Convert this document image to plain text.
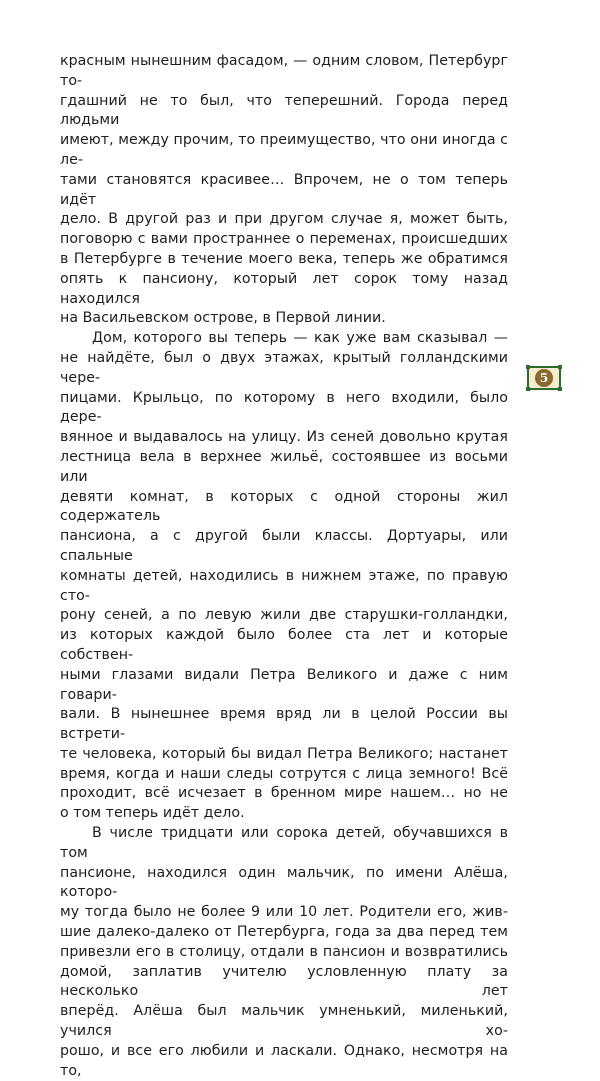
красным нынешним фасадом, — одним словом, Петербург то-

гдашний не то был, что теперешний. Города перед людьми

имеют, между прочим, то преимущество, что они иногда с ле-

тами становятся красивее… Впрочем, не о том теперь идёт

дело. В другой раз и при другом случае я, может быть,

поговорю с вами пространнее о переменах, происшедших

в Петербурге в течение моего века, теперь же обратимся

опять к пансиону, который лет сорок тому назад находился

на Васильевском острове, в Первой линии.

Дом, которого вы теперь — как уже вам сказывал —

не найдёте, был о двух этажах, крытый голландскими чере-

пицами. Крыльцо, по которому в него входили, было дере-

вянное и выдавалось на улицу. Из сеней довольно крутая

лестница вела в верхнее жильё, состоявшее из восьми или

девяти комнат, в которых с одной стороны жил содержатель

пансиона, а с другой были классы. Дортуары, или спальные

комнаты детей, находились в нижнем этаже, по правую сто-

рону сеней, а по левую жили две старушки-голландки,

из которых каждой было более ста лет и которые собствен-

ными глазами видали Петра Великого и даже с ним говари-

вали. В нынешнее время вряд ли в целой России вы встрети-

те человека, который бы видал Петра Великого; настанет

время, когда и наши следы сотрутся с лица земного! Всё

проходит, всё исчезает в бренном мире нашем… но не

о том теперь идёт дело.

В числе тридцати или сорока детей, обучавшихся в том

пансионе, находился один мальчик, по имени Алёша, которо-

му тогда было не более 9 или 10 лет. Родители его, жив-

шие далеко-далеко от Петербурга, года за два перед тем

привезли его в столицу, отдали в пансион и возвратились

домой, заплатив учителю условленную плату за несколько лет

вперёд. Алёша был мальчик умненький, миленький, учился хо-

рошо, и все его любили и ласкали. Однако, несмотря на то,

5
